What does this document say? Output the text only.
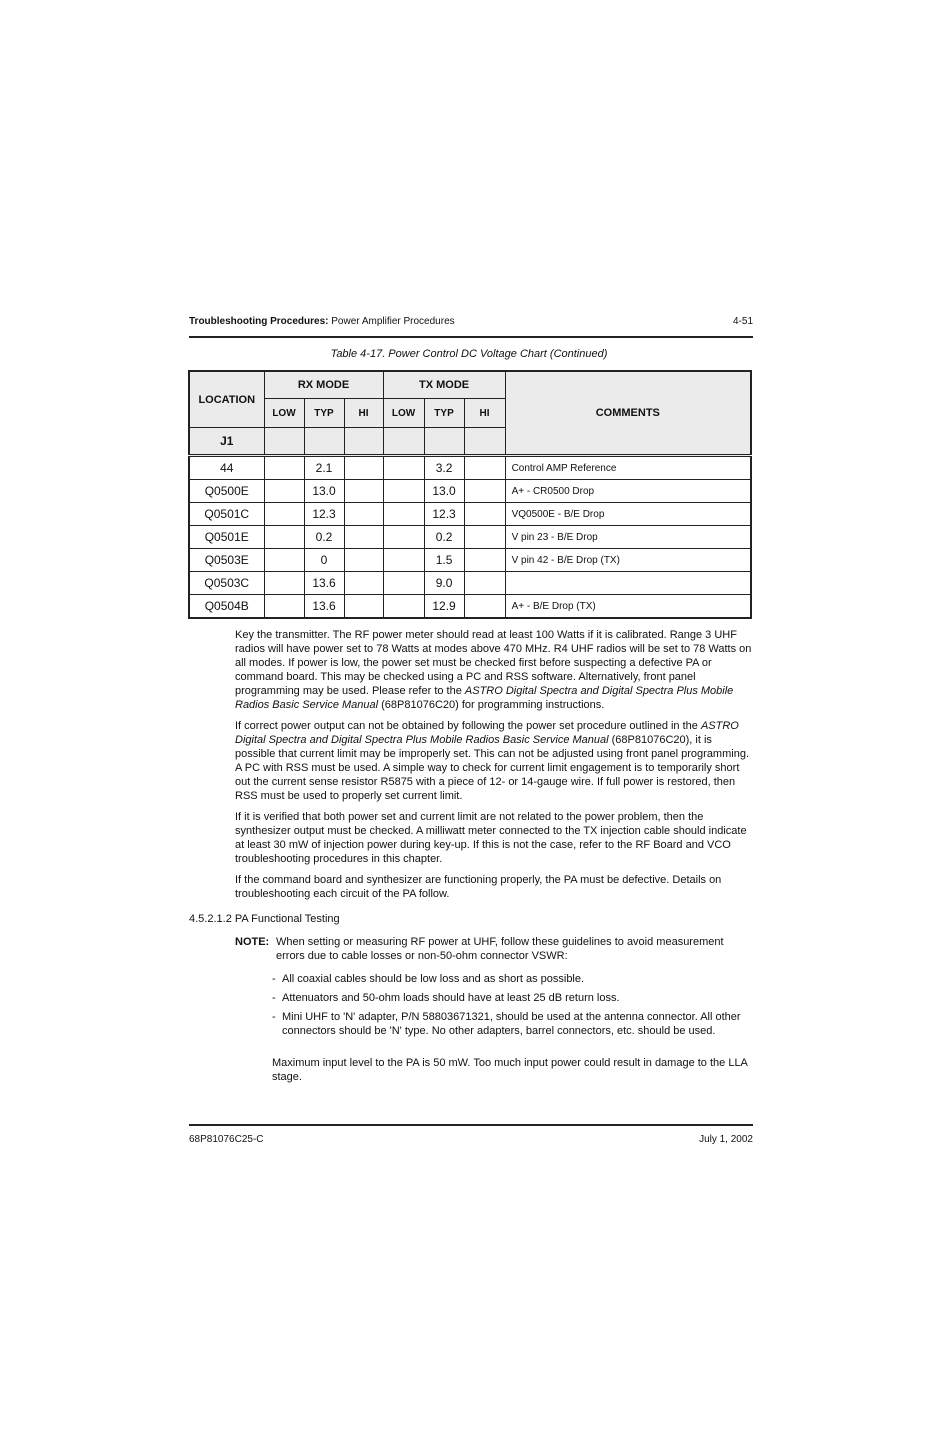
Troubleshooting Procedures: Power Amplifier Procedures	4-51
Table 4-17. Power Control DC Voltage Chart (Continued)
LOCATION	RX MODE			TX MODE			COMMENTS
	LOW	TYP	HI	LOW	TYP	HI	
J1							
44		2.1			3.2		Control AMP Reference
Q0500E		13.0			13.0		A+ - CR0500 Drop
Q0501C		12.3			12.3		VQ0500E - B/E Drop
Q0501E		0.2			0.2		V pin 23 - B/E Drop
Q0503E		0			1.5		V pin 42 - B/E Drop (TX)
Q0503C		13.6			9.0		
Q0504B		13.6			12.9		A+ - B/E Drop (TX)

Key the transmitter. The RF power meter should read at least 100 Watts if it is calibrated. Range 3 UHF radios will have power set to 78 Watts at modes above 470 MHz. R4 UHF radios will be set to 78 Watts on all modes. If power is low, the power set must be checked first before suspecting a defective PA or command board. This may be checked using a PC and RSS software. Alternatively, front panel programming may be used. Please refer to the ASTRO Digital Spectra and Digital Spectra Plus Mobile Radios Basic Service Manual (68P81076C20) for programming instructions.

If correct power output can not be obtained by following the power set procedure outlined in the ASTRO Digital Spectra and Digital Spectra Plus Mobile Radios Basic Service Manual (68P81076C20), it is possible that current limit may be improperly set. This can not be adjusted using front panel programming. A PC with RSS must be used. A simple way to check for current limit engagement is to temporarily short out the current sense resistor R5875 with a piece of 12- or 14-gauge wire. If full power is restored, then RSS must be used to properly set current limit.

If it is verified that both power set and current limit are not related to the power problem, then the synthesizer output must be checked. A milliwatt meter connected to the TX injection cable should indicate at least 30 mW of injection power during key-up. If this is not the case, refer to the RF Board and VCO troubleshooting procedures in this chapter.
If the command board and synthesizer are functioning properly, the PA must be defective. Details on troubleshooting each circuit of the PA follow.
4.5.2.1.2 PA Functional Testing
NOTE: When setting or measuring RF power at UHF, follow these guidelines to avoid measurement errors due to cable losses or non-50-ohm connector VSWR:
- All coaxial cables should be low loss and as short as possible.
- Attenuators and 50-ohm loads should have at least 25 dB return loss.
- Mini UHF to 'N' adapter, P/N 58803671321, should be used at the antenna connector. All other connectors should be 'N' type. No other adapters, barrel connectors, etc. should be used.
Maximum input level to the PA is 50 mW. Too much input power could result in damage to the LLA stage.
68P81076C25-C	July 1, 2002
